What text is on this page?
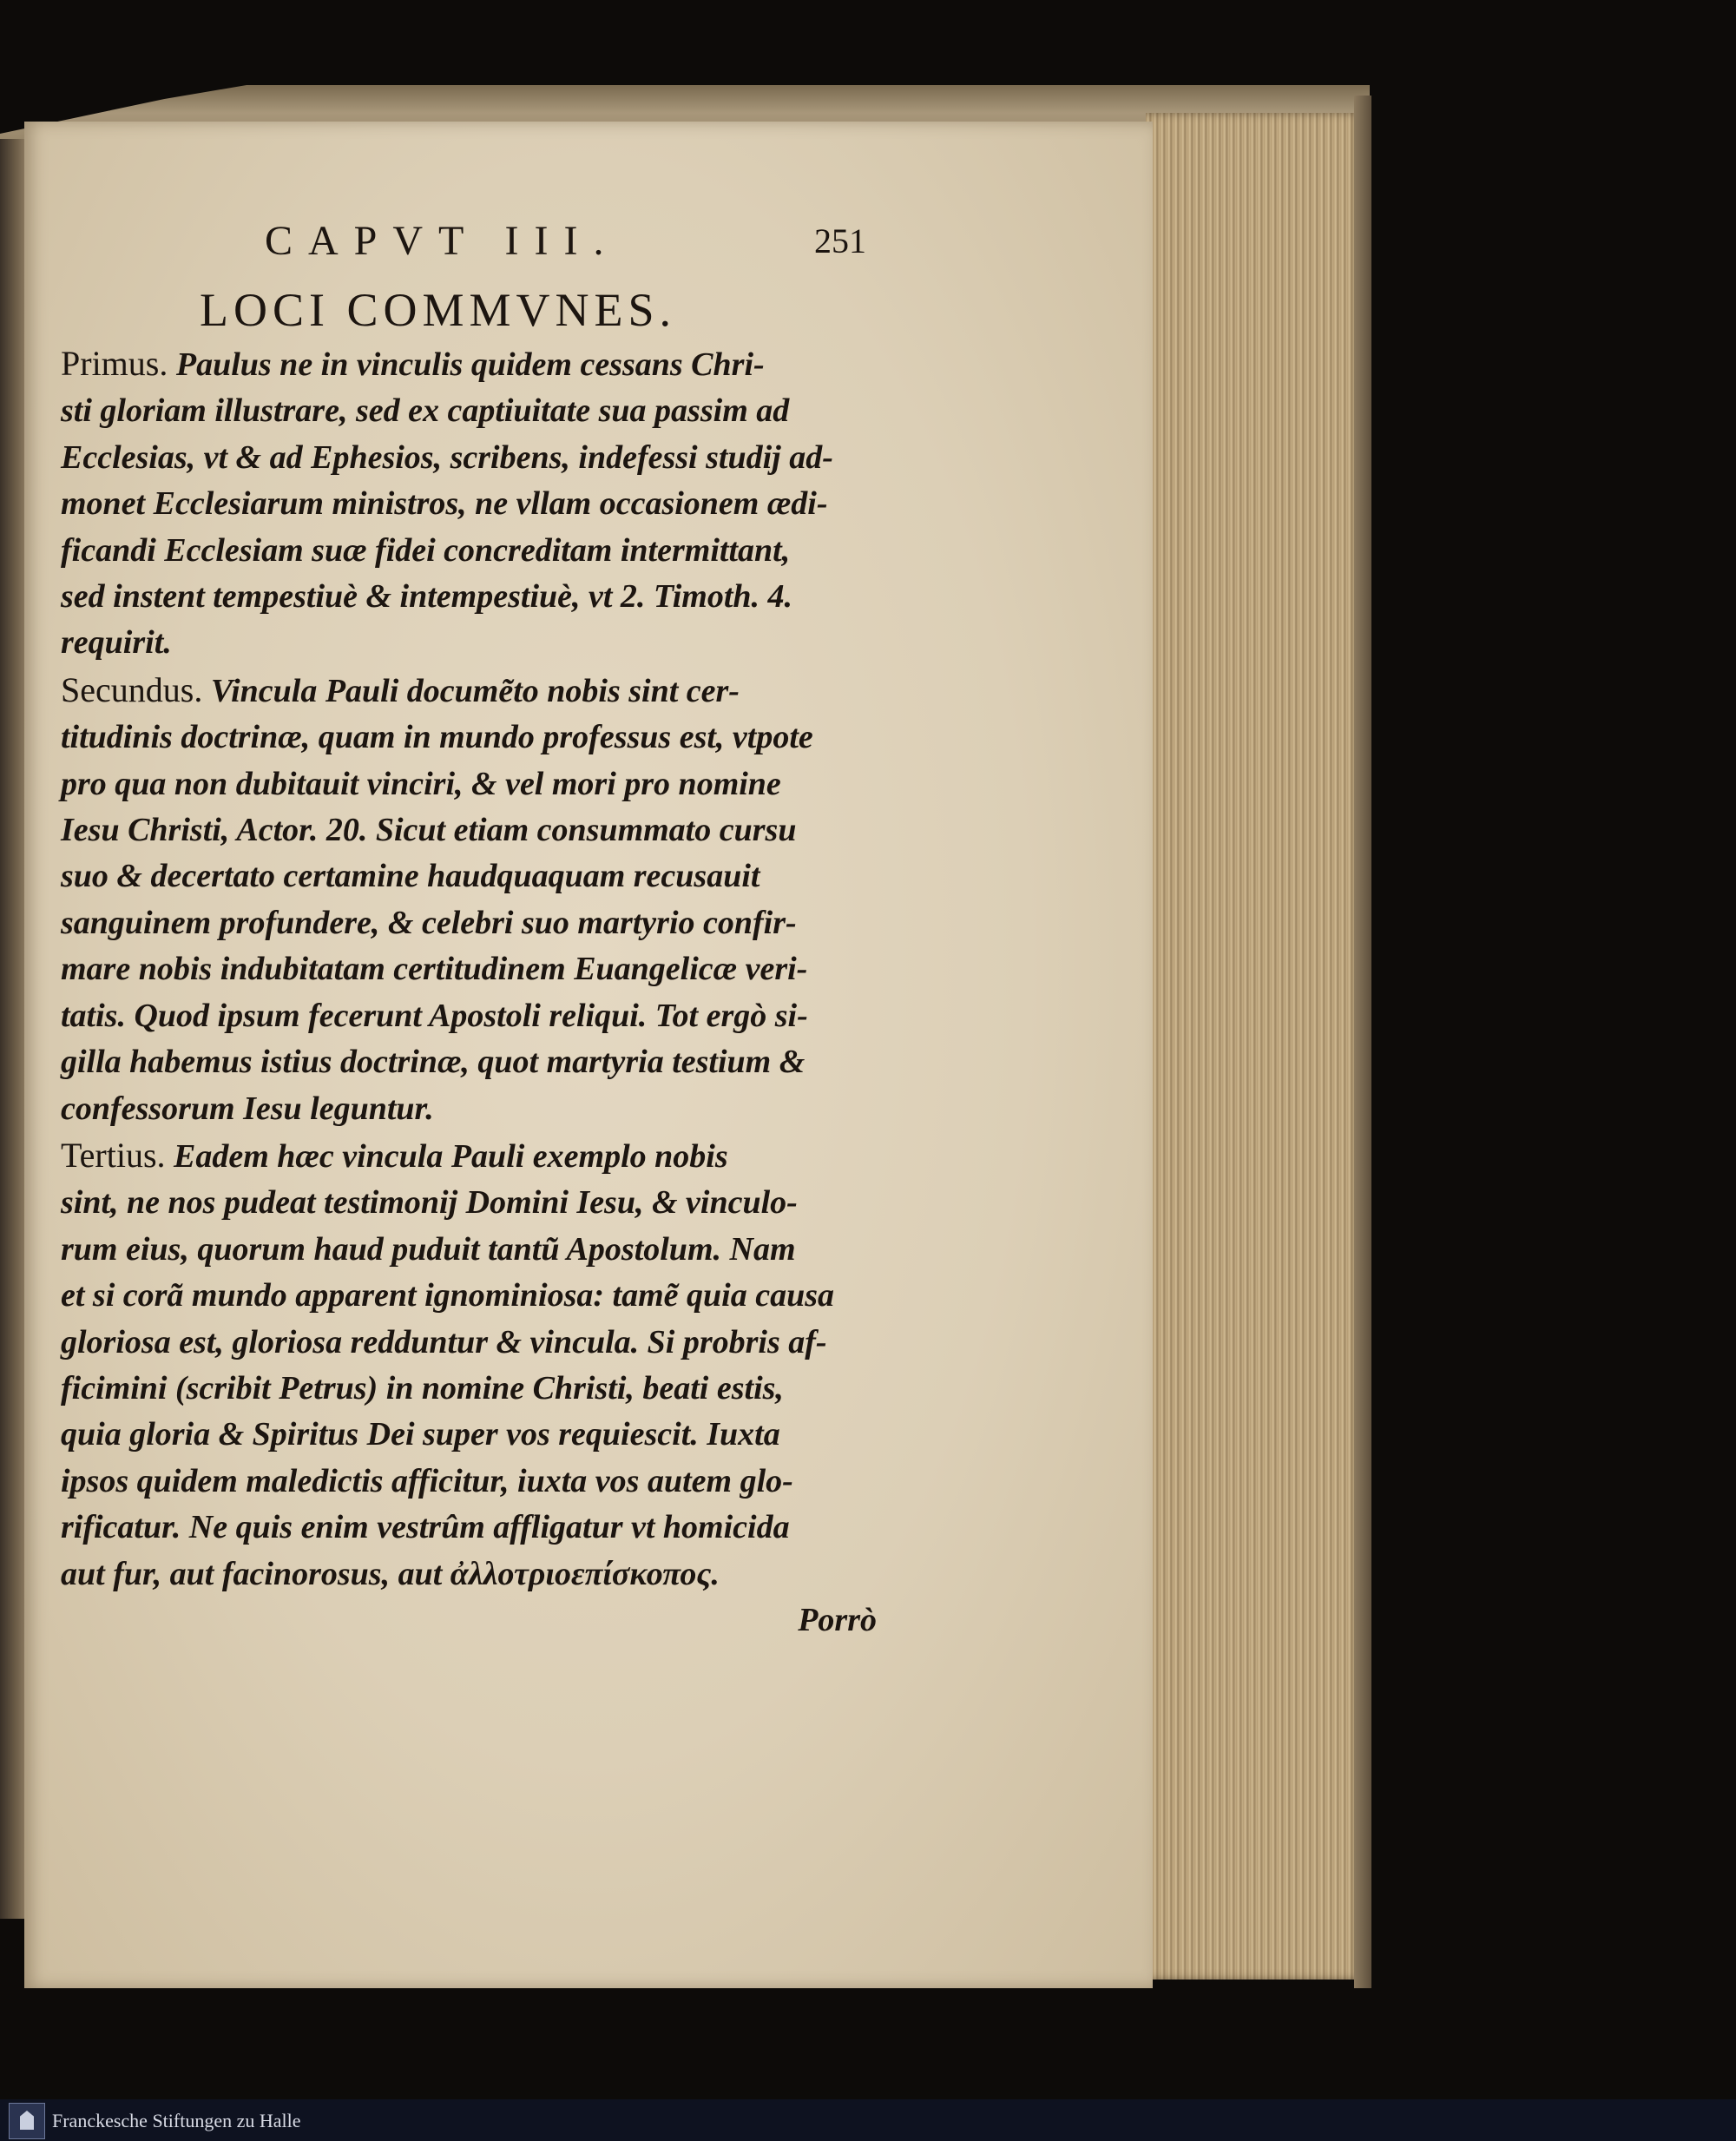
CAPVT III.	251
LOCI COMMVNES.
Primus. Paulus ne in vinculis quidem cessans Chri-
sti gloriam illustrare, sed ex captiuitate sua passim ad
Ecclesias, vt & ad Ephesios, scribens, indefessi studij ad-
monet Ecclesiarum ministros, ne vllam occasionem ædi-
ficandi Ecclesiam suæ fidei concreditam intermittant,
sed instent tempestiuè & intempestiuè, vt 2. Timoth. 4.
requirit.
Secundus. Vincula Pauli documẽto nobis sint cer-
titudinis doctrinæ, quam in mundo professus est, vtpote
pro qua non dubitauit vinciri, & vel mori pro nomine
Iesu Christi, Actor. 20. Sicut etiam consummato cursu
suo & decertato certamine haudquaquam recusauit
sanguinem profundere, & celebri suo martyrio confir-
mare nobis indubitatam certitudinem Euangelicæ veri-
tatis. Quod ipsum fecerunt Apostoli reliqui. Tot ergò si-
gilla habemus istius doctrinæ, quot martyria testium &
confessorum Iesu leguntur.
Tertius. Eadem hæc vincula Pauli exemplo nobis
sint, ne nos pudeat testimonij Domini Iesu, & vinculo-
rum eius, quorum haud puduit tantũ Apostolum. Nam
et si corã mundo apparent ignominiosa: tamẽ quia causa
gloriosa est, gloriosa redduntur & vincula. Si probris af-
ficimini (scribit Petrus) in nomine Christi, beati estis,
quia gloria & Spiritus Dei super vos requiescit. Iuxta
ipsos quidem maledictis afficitur, iuxta vos autem glo-
rificatur. Ne quis enim vestrûm affligatur vt homicida
aut fur, aut facinorosus, aut ἀλλοτριοεπίσκοπος.
Porrò
Franckesche Stiftungen zu Halle
